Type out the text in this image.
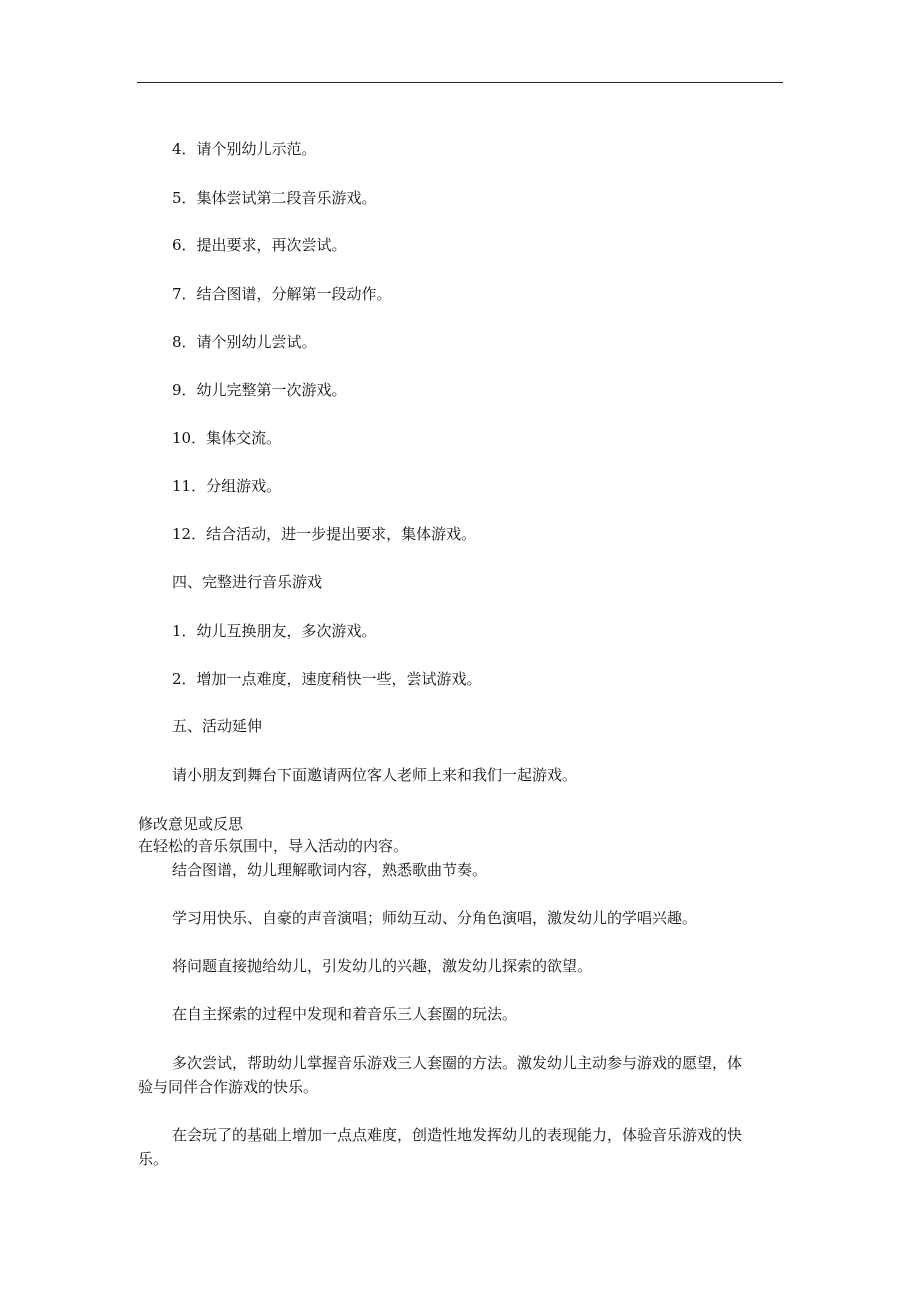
4．请个别幼儿示范。
5．集体尝试第二段音乐游戏。
6．提出要求，再次尝试。
7．结合图谱，分解第一段动作。
8．请个别幼儿尝试。
9．幼儿完整第一次游戏。
10．集体交流。
11．分组游戏。
12．结合活动，进一步提出要求，集体游戏。
四、完整进行音乐游戏
1．幼儿互换朋友，多次游戏。
2．增加一点难度，速度稍快一些，尝试游戏。
五、活动延伸
请小朋友到舞台下面邀请两位客人老师上来和我们一起游戏。
修改意见或反思
在轻松的音乐氛围中，导入活动的内容。
结合图谱，幼儿理解歌词内容，熟悉歌曲节奏。
学习用快乐、自豪的声音演唱；师幼互动、分角色演唱，激发幼儿的学唱兴趣。
将问题直接抛给幼儿，引发幼儿的兴趣，激发幼儿探索的欲望。
在自主探索的过程中发现和着音乐三人套圈的玩法。
多次尝试，帮助幼儿掌握音乐游戏三人套圈的方法。激发幼儿主动参与游戏的愿望，体
验与同伴合作游戏的快乐。
在会玩了的基础上增加一点点难度，创造性地发挥幼儿的表现能力，体验音乐游戏的快
乐。
